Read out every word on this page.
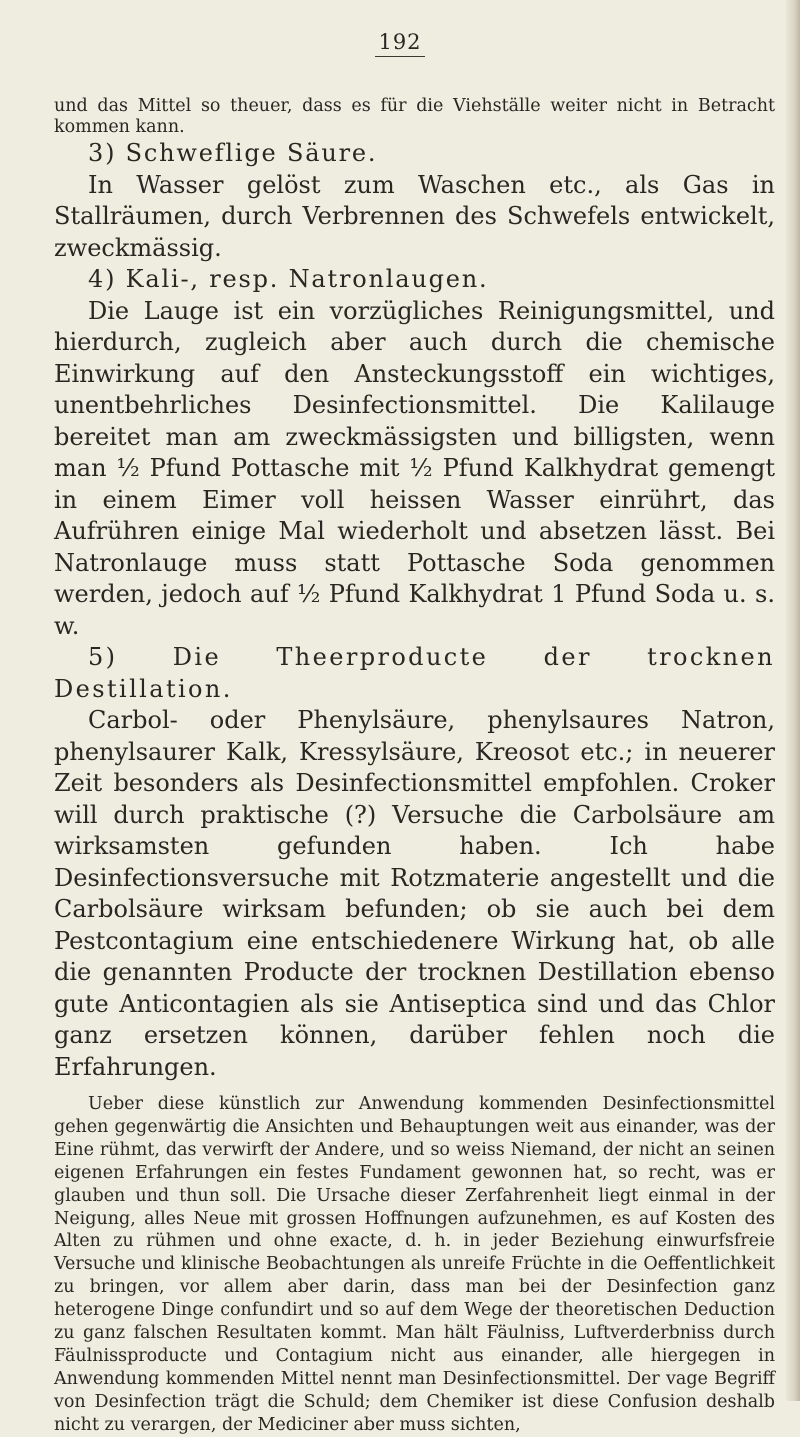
192

und das Mittel so theuer, dass es für die Viehställe weiter nicht in Betracht kommen kann.

3) Schweflige Säure.

In Wasser gelöst zum Waschen etc., als Gas in Stallräumen, durch Verbrennen des Schwefels entwickelt, zweckmässig.

4) Kali-, resp. Natronlaugen.

Die Lauge ist ein vorzügliches Reinigungsmittel, und hierdurch, zugleich aber auch durch die chemische Einwirkung auf den Ansteckungsstoff ein wichtiges, unentbehrliches Desinfectionsmittel. Die Kalilauge bereitet man am zweckmässigsten und billigsten, wenn man ½ Pfund Pottasche mit ½ Pfund Kalkhydrat gemengt in einem Eimer voll heissen Wasser einrührt, das Aufrühren einige Mal wiederholt und absetzen lässt. Bei Natronlauge muss statt Pottasche Soda genommen werden, jedoch auf ½ Pfund Kalkhydrat 1 Pfund Soda u. s. w.

5) Die Theerproducte der trocknen Destillation.

Carbol- oder Phenylsäure, phenylsaures Natron, phenylsaurer Kalk, Kressylsäure, Kreosot etc.; in neuerer Zeit besonders als Desinfectionsmittel empfohlen. Croker will durch praktische (?) Versuche die Carbolsäure am wirksamsten gefunden haben. Ich habe Desinfectionsversuche mit Rotzmaterie angestellt und die Carbolsäure wirksam befunden; ob sie auch bei dem Pestcontagium eine entschiedenere Wirkung hat, ob alle die genannten Producte der trocknen Destillation ebenso gute Anticontagien als sie Antiseptica sind und das Chlor ganz ersetzen können, darüber fehlen noch die Erfahrungen.

Ueber diese künstlich zur Anwendung kommenden Desinfectionsmittel gehen gegenwärtig die Ansichten und Behauptungen weit aus einander, was der Eine rühmt, das verwirft der Andere, und so weiss Niemand, der nicht an seinen eigenen Erfahrungen ein festes Fundament gewonnen hat, so recht, was er glauben und thun soll. Die Ursache dieser Zerfahrenheit liegt einmal in der Neigung, alles Neue mit grossen Hoffnungen aufzunehmen, es auf Kosten des Alten zu rühmen und ohne exacte, d. h. in jeder Beziehung einwurfsfreie Versuche und klinische Beobachtungen als unreife Früchte in die Oeffentlichkeit zu bringen, vor allem aber darin, dass man bei der Desinfection ganz heterogene Dinge confundirt und so auf dem Wege der theoretischen Deduction zu ganz falschen Resultaten kommt. Man hält Fäulniss, Luftverderbniss durch Fäulnissproducte und Contagium nicht aus einander, alle hiergegen in Anwendung kommenden Mittel nennt man Desinfectionsmittel. Der vage Begriff von Desinfection trägt die Schuld; dem Chemiker ist diese Confusion deshalb nicht zu verargen, der Mediciner aber muss sichten,
